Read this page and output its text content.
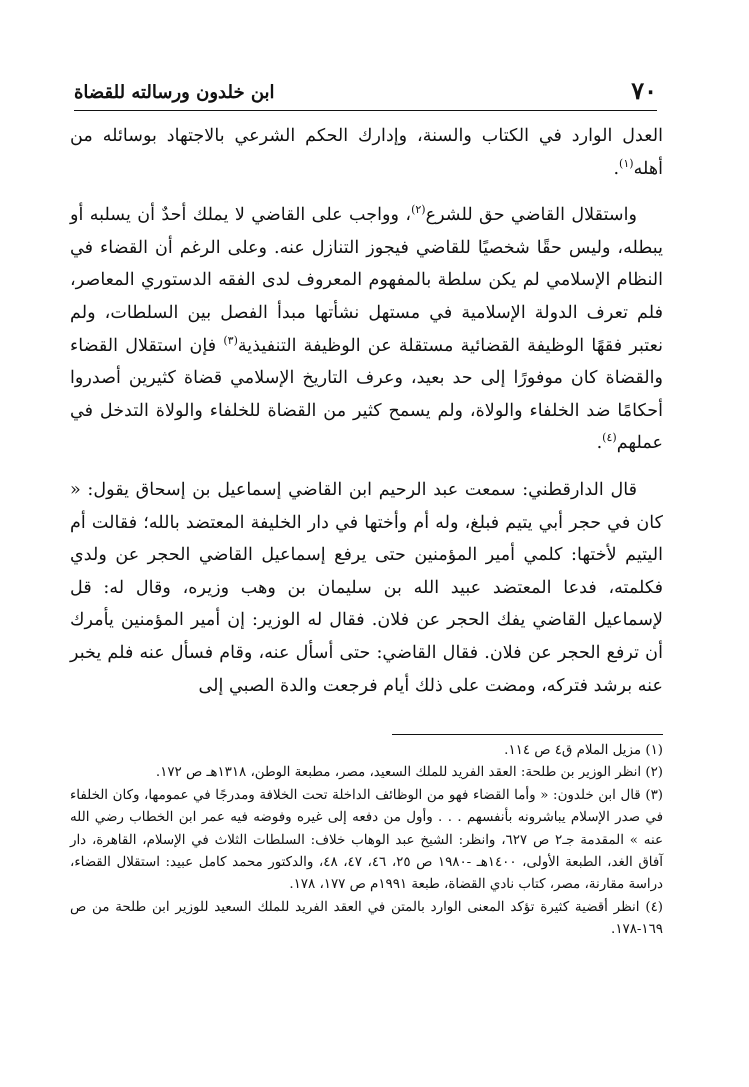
٧٠
ابن خلدون ورسالته للقضاة

العدل الوارد في الكتاب والسنة، وإدارك الحكم الشرعي بالاجتهاد بوسائله من أهله$^{(١)}$.

واستقلال القاضي حق للشرع$^{(٢)}$، وواجب على القاضي لا يملك أحدٌ أن يسلبه أو يبطله، وليس حقًا شخصيًا للقاضي فيجوز التنازل عنه. وعلى الرغم أن القضاء في النظام الإسلامي لم يكن سلطة بالمفهوم المعروف لدى الفقه الدستوري المعاصر، فلم تعرف الدولة الإسلامية في مستهل نشأتها مبدأ الفصل بين السلطات، ولم نعتبر فقهًا الوظيفة القضائية مستقلة عن الوظيفة التنفيذية$^{(٣)}$ فإن استقلال القضاء والقضاة كان موفورًا إلى حد بعيد، وعرف التاريخ الإسلامي قضاة كثيرين أصدروا أحكامًا ضد الخلفاء والولاة، ولم يسمح كثير من القضاة للخلفاء والولاة التدخل في عملهم$^{(٤)}$.

قال الدارقطني: سمعت عبد الرحيم ابن القاضي إسماعيل بن إسحاق يقول: « كان في حجر أبي يتيم فبلغ، وله أم وأختها في دار الخليفة المعتضد بالله؛ فقالت أم اليتيم لأختها: كلمي أمير المؤمنين حتى يرفع إسماعيل القاضي الحجر عن ولدي فكلمته، فدعا المعتضد عبيد الله بن سليمان بن وهب وزيره، وقال له: قل لإسماعيل القاضي يفك الحجر عن فلان. فقال له الوزير: إن أمير المؤمنين يأمرك أن ترفع الحجر عن فلان. فقال القاضي: حتى أسأل عنه، وقام فسأل عنه فلم يخبر عنه برشد فتركه، ومضت على ذلك أيام فرجعت والدة الصبي إلى

(١) مزيل الملام ق٤ ص ١١٤.

(٢) انظر الوزير بن طلحة: العقد الفريد للملك السعيد، مصر، مطبعة الوطن، ١٣١٨هـ ص ١٧٢.

(٣) قال ابن خلدون: « وأما القضاء فهو من الوظائف الداخلة تحت الخلافة ومدرجًا في عمومها، وكان الخلفاء في صدر الإسلام يباشرونه بأنفسهم . . . وأول من دفعه إلى غيره وفوضه فيه عمر ابن الخطاب رضي الله عنه » المقدمة جـ٢ ص ٦٢٧، وانظر: الشيخ عبد الوهاب خلاف: السلطات الثلاث في الإسلام، القاهرة، دار آفاق الغد، الطبعة الأولى، ١٤٠٠هـ -١٩٨٠ ص ٢٥، ٤٦، ٤٧، ٤٨، والدكتور محمد كامل عبيد: استقلال القضاء، دراسة مقارنة، مصر، كتاب نادي القضاة، طبعة ١٩٩١م ص ١٧٧، ١٧٨.

(٤) انظر أقضية كثيرة تؤكد المعنى الوارد بالمتن في العقد الفريد للملك السعيد للوزير ابن طلحة من ص ١٦٩-١٧٨.
